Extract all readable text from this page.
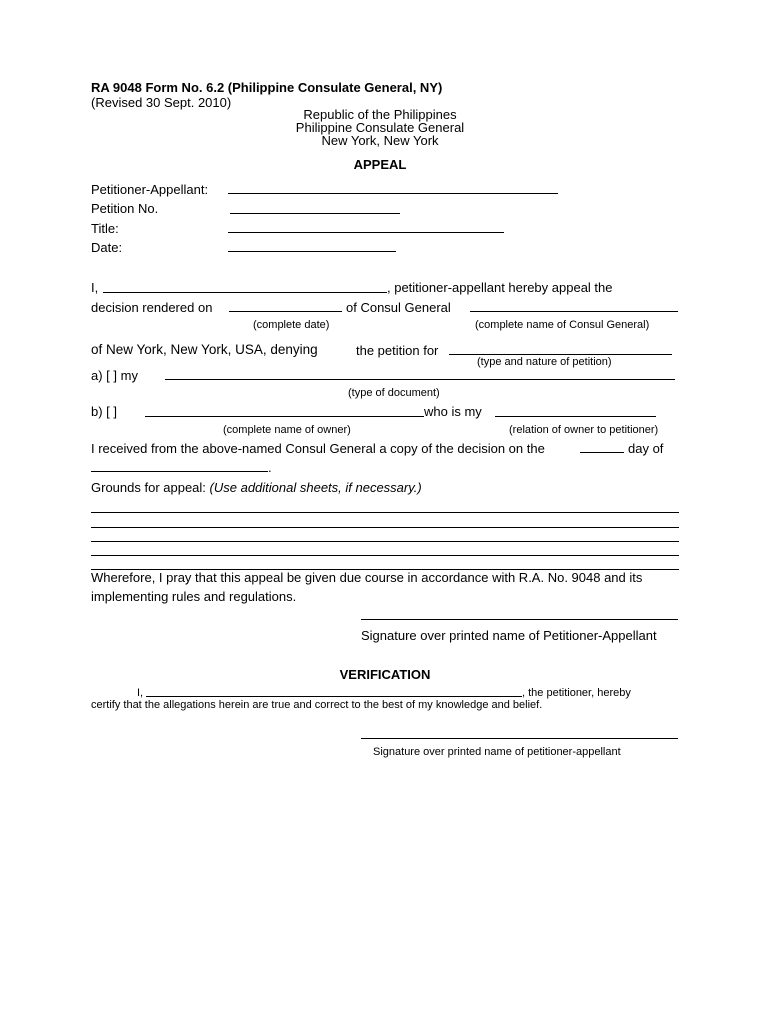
RA 9048 Form No. 6.2 (Philippine Consulate General, NY)
(Revised 30 Sept. 2010)
Republic of the Philippines
Philippine Consulate General
New York, New York
APPEAL
Petitioner-Appellant:
Petition No.
Title:
Date:
I,	, petitioner-appellant hereby appeal the
decision rendered on	of Consul General
(complete date)	(complete name of Consul General)
of New York, New York, USA, denying	the petition for
(type and nature of petition)
a) [ ] my
(type of document)
b) [ ]	who is my
(complete name of owner)	(relation of owner to petitioner)
I received from the above-named Consul General a copy of the decision on the	day of
.
Grounds for appeal: (Use additional sheets, if necessary.)
Wherefore, I pray that this appeal be given due course in accordance with R.A. No. 9048 and its
implementing rules and regulations.
Signature over printed name of Petitioner-Appellant
VERIFICATION
I,	, the petitioner, hereby
certify that the allegations herein are true and correct to the best of my knowledge and belief.
Signature over printed name of petitioner-appellant
